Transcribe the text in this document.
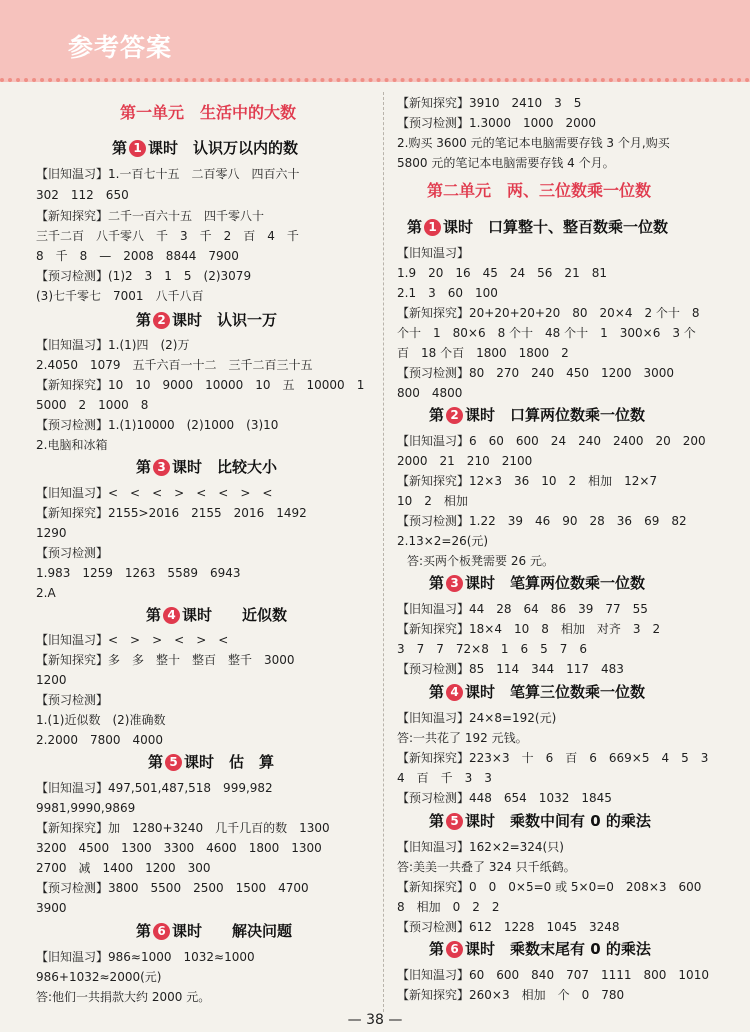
参考答案
第一单元　生活中的大数
第 1 课时　认识万以内的数
【旧知温习】1.一百七十五　二百零八　四百六十
302　112　650
【新知探究】二千一百六十五　四千零八十
三千二百　八千零八　千　3　千　2　百　4　千
8　千　8　—　2008　8844　7900
【预习检测】(1)2　3　1　5　(2)3079
(3)七千零七　7001　八千八百
第 2 课时　认识一万
【旧知温习】1.(1)四　(2)万
2.4050　1079　五千六百一十二　三千二百三十五
【新知探究】10　10　9000　10000　10　五　10000　1
5000　2　1000　8
【预习检测】1.(1)10000　(2)1000　(3)10
2.电脑和冰箱
第 3 课时　比较大小
【旧知温习】<　<　<　>　<　<　>　<
【新知探究】2155>2016　2155　2016　1492
1290
【预习检测】
1.983　1259　1263　5589　6943
2.A
第 4 课时　　近似数
【旧知温习】<　>　>　<　>　<
【新知探究】多　多　整十　整百　整千　3000
1200
【预习检测】
1.(1)近似数　(2)准确数
2.2000　7800　4000
第 5 课时　估　算
【旧知温习】497,501,487,518　999,982
9981,9990,9869
【新知探究】加　1280+3240　几千几百的数　1300
3200　4500　1300　3300　4600　1800　1300
2700　减　1400　1200　300
【预习检测】3800　5500　2500　1500　4700
3900
第 6 课时　　解决问题
【旧知温习】986≈1000　1032≈1000
986+1032≈2000(元)
答:他们一共捐款大约 2000 元。
【新知探究】3910　2410　3　5
【预习检测】1.3000　1000　2000
2.购买 3600 元的笔记本电脑需要存钱 3 个月,购买
5800 元的笔记本电脑需要存钱 4 个月。
第二单元　两、三位数乘一位数
第 1 课时　口算整十、整百数乘一位数
【旧知温习】
1.9　20　16　45　24　56　21　81
2.1　3　60　100
【新知探究】20+20+20+20　80　20×4　2 个十　8
个十　1　80×6　8 个十　48 个十　1　300×6　3 个
百　18 个百　1800　1800　2
【预习检测】80　270　240　450　1200　3000
800　4800
第 2 课时　口算两位数乘一位数
【旧知温习】6　60　600　24　240　2400　20　200
2000　21　210　2100
【新知探究】12×3　36　10　2　相加　12×7
10　2　相加
【预习检测】1.22　39　46　90　28　36　69　82
2.13×2=26(元)
答:买两个板凳需要 26 元。
第 3 课时　笔算两位数乘一位数
【旧知温习】44　28　64　86　39　77　55
【新知探究】18×4　10　8　相加　对齐　3　2
3　7　7　72×8　1　6　5　7　6
【预习检测】85　114　344　117　483
第 4 课时　笔算三位数乘一位数
【旧知温习】24×8=192(元)
答:一共花了 192 元钱。
【新知探究】223×3　十　6　百　6　669×5　4　5　3
4　百　千　3　3
【预习检测】448　654　1032　1845
第 5 课时　乘数中间有 0 的乘法
【旧知温习】162×2=324(只)
答:美美一共叠了 324 只千纸鹤。
【新知探究】0　0　0×5=0 或 5×0=0　208×3　600
8　相加　0　2　2
【预习检测】612　1228　1045　3248
第 6 课时　乘数末尾有 0 的乘法
【旧知温习】60　600　840　707　1111　800　1010
【新知探究】260×3　相加　个　0　780
— 38 —
